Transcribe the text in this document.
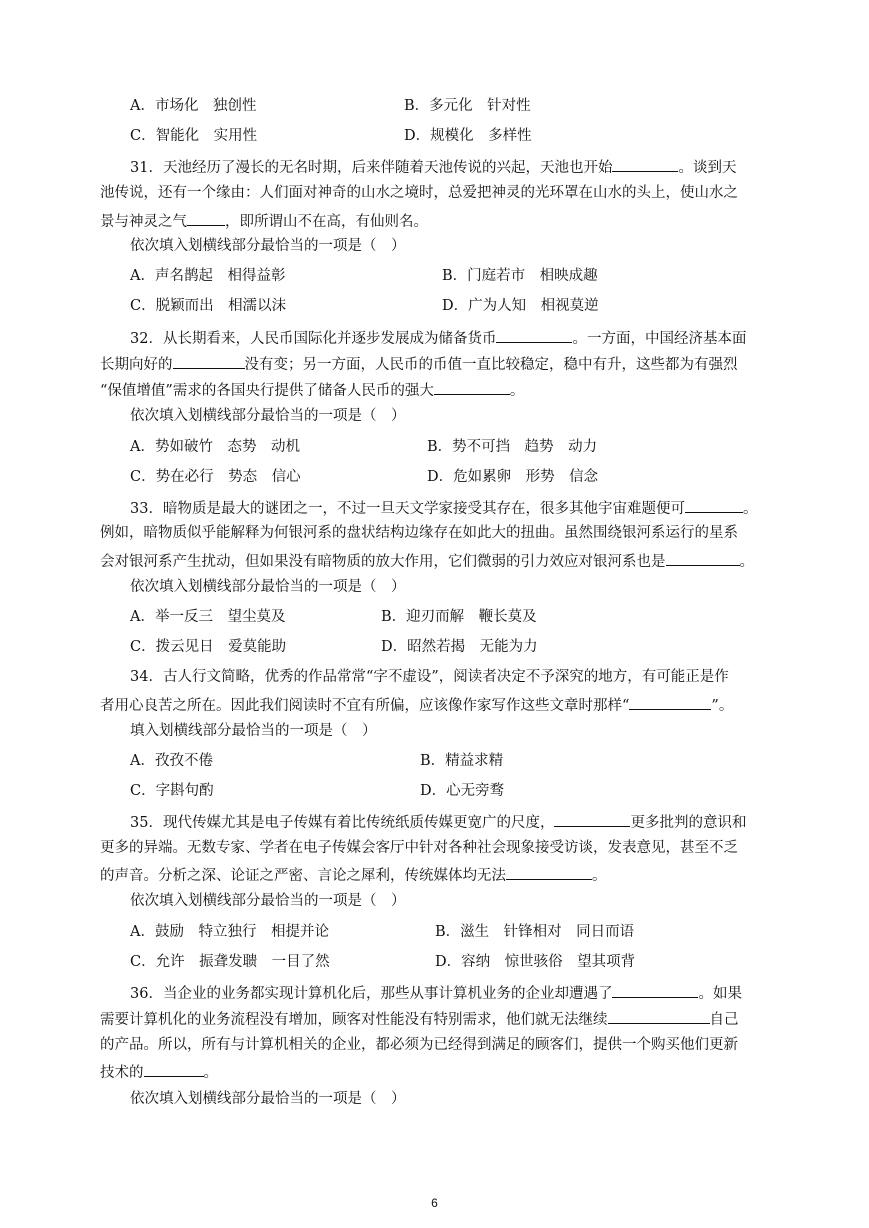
A．市场化　独创性	B．多元化　针对性
C．智能化　实用性	D．规模化　多样性
31．天池经历了漫长的无名时期，后来伴随着天池传说的兴起，天池也开始	。谈到天
池传说，还有一个缘由：人们面对神奇的山水之境时，总爱把神灵的光环罩在山水的头上，使山水之
景与神灵之气	，即所谓山不在高，有仙则名。
依次填入划横线部分最恰当的一项是（　）
A．声名鹊起　相得益彰	B．门庭若市　相映成趣
C．脱颖而出　相濡以沫	D．广为人知　相视莫逆
32．从长期看来，人民币国际化并逐步发展成为储备货币	。一方面，中国经济基本面
长期向好的	没有变；另一方面，人民币的币值一直比较稳定，稳中有升，这些都为有强烈
“保值增值”需求的各国央行提供了储备人民币的强大	。
依次填入划横线部分最恰当的一项是（　）
A．势如破竹　态势　动机	B．势不可挡　趋势　动力
C．势在必行　势态　信心	D．危如累卵　形势　信念
33．暗物质是最大的谜团之一，不过一旦天文学家接受其存在，很多其他宇宙难题便可	。
例如，暗物质似乎能解释为何银河系的盘状结构边缘存在如此大的扭曲。虽然围绕银河系运行的星系
会对银河系产生扰动，但如果没有暗物质的放大作用，它们微弱的引力效应对银河系也是	。
依次填入划横线部分最恰当的一项是（　）
A．举一反三　望尘莫及	B．迎刃而解　鞭长莫及
C．拨云见日　爱莫能助	D．昭然若揭　无能为力
34．古人行文简略，优秀的作品常常“字不虚设”，阅读者决定不予深究的地方，有可能正是作
者用心良苦之所在。因此我们阅读时不宜有所偏，应该像作家写作这些文章时那样“	”。
填入划横线部分最恰当的一项是（　）
A．孜孜不倦	B．精益求精
C．字斟句酌	D．心无旁骛
35．现代传媒尤其是电子传媒有着比传统纸质传媒更宽广的尺度，	更多批判的意识和
更多的异端。无数专家、学者在电子传媒会客厅中针对各种社会现象接受访谈，发表意见，甚至不乏
的声音。分析之深、论证之严密、言论之犀利，传统媒体均无法	。
依次填入划横线部分最恰当的一项是（　）
A．鼓励　特立独行　相提并论	B．滋生　针锋相对　同日而语
C．允许　振聋发聩　一目了然	D．容纳　惊世骇俗　望其项背
36．当企业的业务都实现计算机化后，那些从事计算机业务的企业却遭遇了	。如果
需要计算机化的业务流程没有增加，顾客对性能没有特别需求，他们就无法继续	自己
的产品。所以，所有与计算机相关的企业，都必须为已经得到满足的顾客们，提供一个购买他们更新
技术的	。
依次填入划横线部分最恰当的一项是（　）
6
